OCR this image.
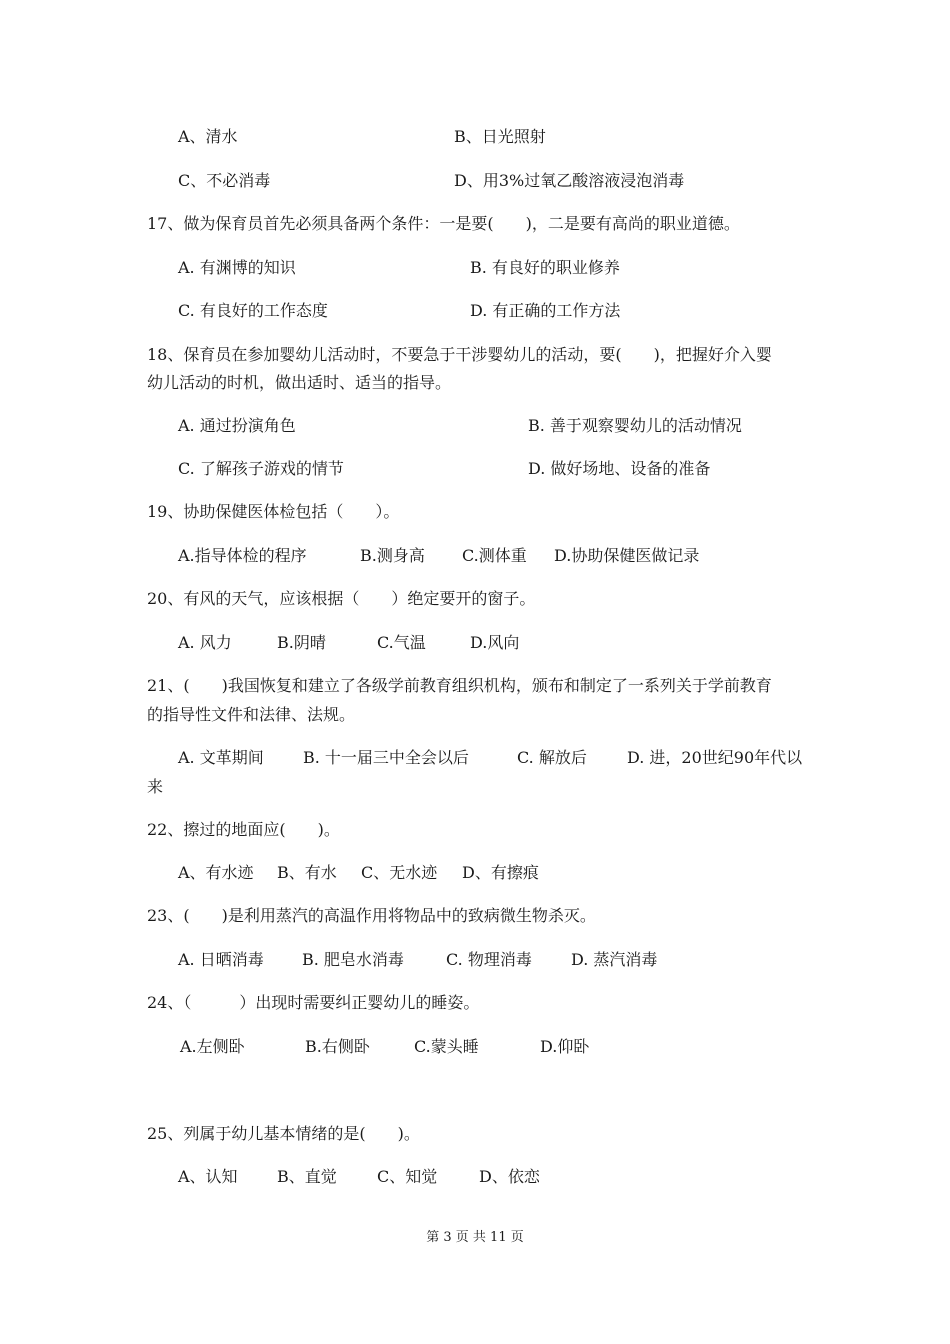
A、清水	B、日光照射
C、不必消毒	D、用3%过氧乙酸溶液浸泡消毒
17、做为保育员首先必须具备两个条件：一是要(　　)，二是要有高尚的职业道德。
A. 有渊博的知识	B. 有良好的职业修养
C. 有良好的工作态度	D. 有正确的工作方法
18、保育员在参加婴幼儿活动时，不要急于干涉婴幼儿的活动，要(　　)，把握好介入婴
幼儿活动的时机，做出适时、适当的指导。
A. 通过扮演角色	B. 善于观察婴幼儿的活动情况
C. 了解孩子游戏的情节	D. 做好场地、设备的准备
19、协助保健医体检包括（　　）。
A.指导体检的程序	B.测身高 C.测体重 D.协助保健医做记录
20、有风的天气，应该根据（　　）绝定要开的窗子。
A. 风力	B.阴晴	C.气温	D.风向
21、(　　)我国恢复和建立了各级学前教育组织机构，颁布和制定了一系列关于学前教育
的指导性文件和法律、法规。
A. 文革期间 B. 十一届三中全会以后	C. 解放后	D. 进，20世纪90年代以
来
22、擦过的地面应(　　)。
A、有水迹 B、有水 C、无水迹 D、有擦痕
23、(　　)是利用蒸汽的高温作用将物品中的致病微生物杀灭。
A. 日晒消毒 B. 肥皂水消毒	C. 物理消毒 D. 蒸汽消毒
24、（　　　）出现时需要纠正婴幼儿的睡姿。
A.左侧卧	B.右侧卧	C.蒙头睡	D.仰卧
25、列属于幼儿基本情绪的是(　　)。
A、认知 B、直觉	C、知觉	D、依恋
第 3 页 共 11 页
